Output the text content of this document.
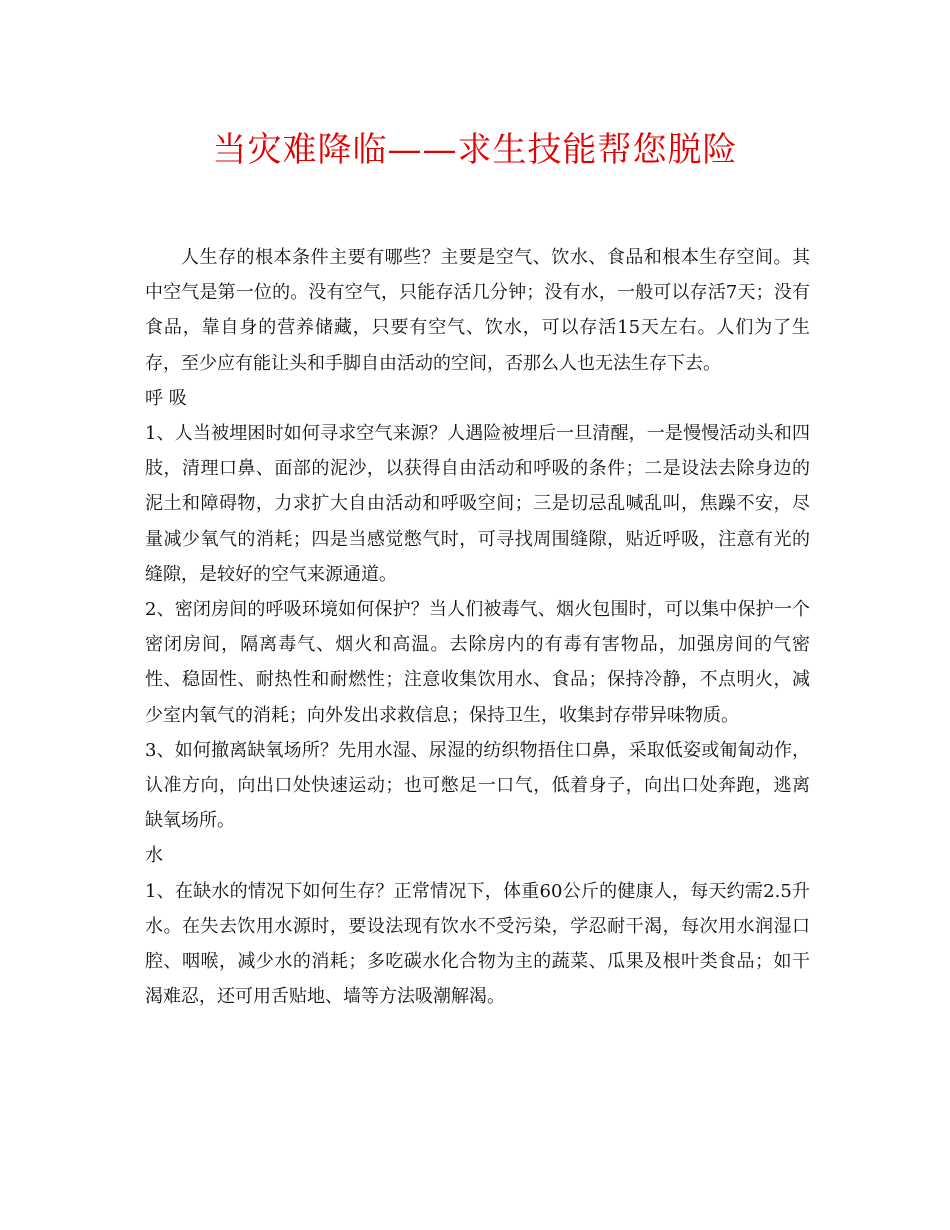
当灾难降临——求生技能帮您脱险

人生存的根本条件主要有哪些？主要是空气、饮水、食品和根本生存空间。其中空气是第一位的。没有空气，只能存活几分钟；没有水，一般可以存活7天；没有食品，靠自身的营养储藏，只要有空气、饮水，可以存活15天左右。人们为了生存，至少应有能让头和手脚自由活动的空间，否那么人也无法生存下去。

呼 吸

1、人当被埋困时如何寻求空气来源？人遇险被埋后一旦清醒，一是慢慢活动头和四肢，清理口鼻、面部的泥沙，以获得自由活动和呼吸的条件；二是设法去除身边的泥土和障碍物，力求扩大自由活动和呼吸空间；三是切忌乱喊乱叫，焦躁不安，尽量减少氧气的消耗；四是当感觉憋气时，可寻找周围缝隙，贴近呼吸，注意有光的缝隙，是较好的空气来源通道。

2、密闭房间的呼吸环境如何保护？当人们被毒气、烟火包围时，可以集中保护一个密闭房间，隔离毒气、烟火和高温。去除房内的有毒有害物品，加强房间的气密性、稳固性、耐热性和耐燃性；注意收集饮用水、食品；保持冷静，不点明火，减少室内氧气的消耗；向外发出求救信息；保持卫生，收集封存带异味物质。

3、如何撤离缺氧场所？先用水湿、尿湿的纺织物捂住口鼻，采取低姿或匍匐动作，认准方向，向出口处快速运动；也可憋足一口气，低着身子，向出口处奔跑，逃离缺氧场所。

水

1、在缺水的情况下如何生存？正常情况下，体重60公斤的健康人，每天约需2.5升水。在失去饮用水源时，要设法现有饮水不受污染，学忍耐干渴，每次用水润湿口腔、咽喉，减少水的消耗；多吃碳水化合物为主的蔬菜、瓜果及根叶类食品；如干渴难忍，还可用舌贴地、墙等方法吸潮解渴。
